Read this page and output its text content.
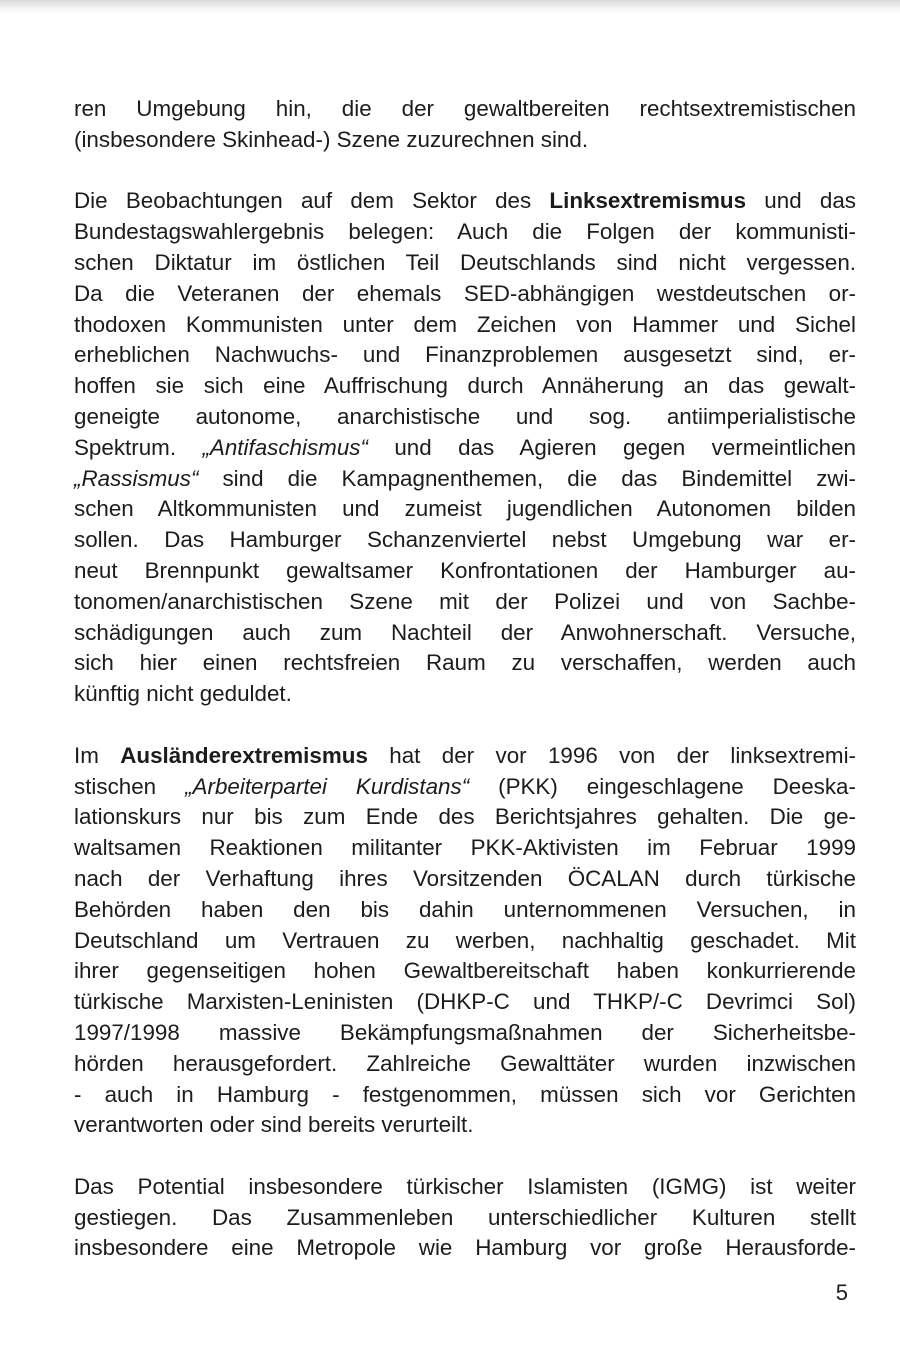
ren Umgebung hin, die der gewaltbereiten rechtsextremistischen
(insbesondere Skinhead-) Szene zuzurechnen sind.
Die Beobachtungen auf dem Sektor des Linksextremismus und das
Bundestagswahlergebnis belegen: Auch die Folgen der kommunisti-
schen Diktatur im östlichen Teil Deutschlands sind nicht vergessen.
Da die Veteranen der ehemals SED-abhängigen westdeutschen or-
thodoxen Kommunisten unter dem Zeichen von Hammer und Sichel
erheblichen Nachwuchs- und Finanzproblemen ausgesetzt sind, er-
hoffen sie sich eine Auffrischung durch Annäherung an das gewalt-
geneigte autonome, anarchistische und sog. antiimperialistische
Spektrum. „Antifaschismus“ und das Agieren gegen vermeintlichen
„Rassismus“ sind die Kampagnenthemen, die das Bindemittel zwi-
schen Altkommunisten und zumeist jugendlichen Autonomen bilden
sollen. Das Hamburger Schanzenviertel nebst Umgebung war er-
neut Brennpunkt gewaltsamer Konfrontationen der Hamburger au-
tonomen/anarchistischen Szene mit der Polizei und von Sachbe-
schädigungen auch zum Nachteil der Anwohnerschaft. Versuche,
sich hier einen rechtsfreien Raum zu verschaffen, werden auch
künftig nicht geduldet.
Im Ausländerextremismus hat der vor 1996 von der linksextremi-
stischen „Arbeiterpartei Kurdistans“ (PKK) eingeschlagene Deeska-
lationskurs nur bis zum Ende des Berichtsjahres gehalten. Die ge-
waltsamen Reaktionen militanter PKK-Aktivisten im Februar 1999
nach der Verhaftung ihres Vorsitzenden ÖCALAN durch türkische
Behörden haben den bis dahin unternommenen Versuchen, in
Deutschland um Vertrauen zu werben, nachhaltig geschadet. Mit
ihrer gegenseitigen hohen Gewaltbereitschaft haben konkurrierende
türkische Marxisten-Leninisten (DHKP-C und THKP/-C Devrimci Sol)
1997/1998 massive Bekämpfungsmaßnahmen der Sicherheitsbe-
hörden herausgefordert. Zahlreiche Gewalttäter wurden inzwischen
- auch in Hamburg - festgenommen, müssen sich vor Gerichten
verantworten oder sind bereits verurteilt.
Das Potential insbesondere türkischer Islamisten (IGMG) ist weiter
gestiegen. Das Zusammenleben unterschiedlicher Kulturen stellt
insbesondere eine Metropole wie Hamburg vor große Herausforde-
5
